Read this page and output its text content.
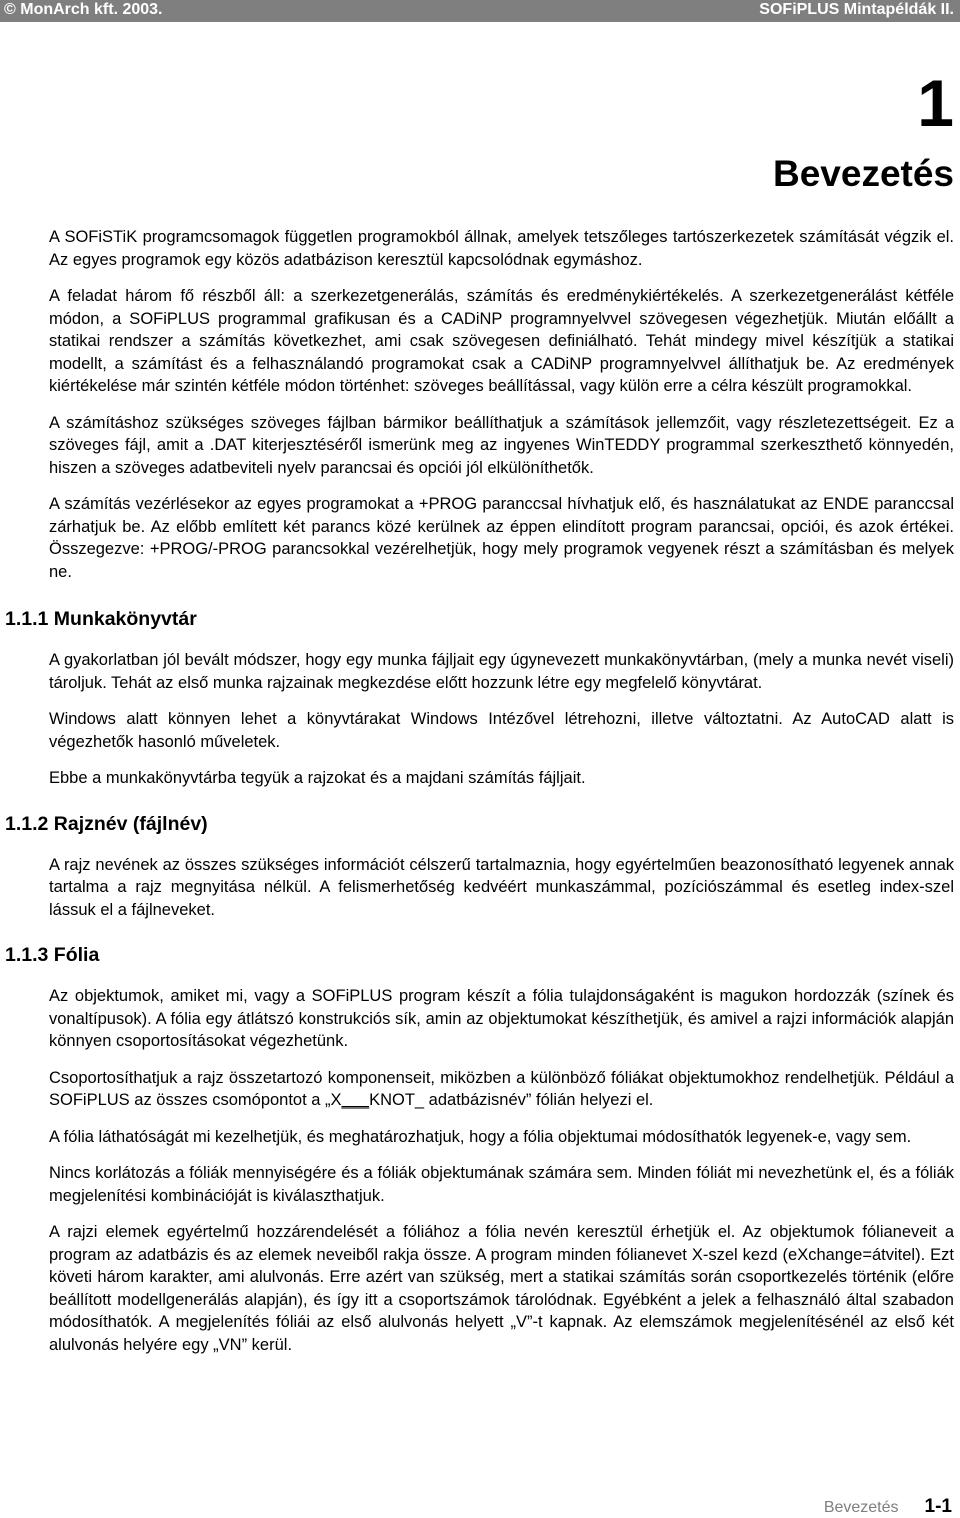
© MonArch kft. 2003.	SOFiPLUS Mintapéldák II.
1
Bevezetés

A SOFiSTiK programcsomagok független programokból állnak, amelyek tetszőleges tartószerkezetek számítását végzik el. Az egyes programok egy közös adatbázison keresztül kapcsolódnak egymáshoz.

A feladat három fő részből áll: a szerkezetgenerálás, számítás és eredménykiértékelés. A szerkezetgenerálást kétféle módon, a SOFiPLUS programmal grafikusan és a CADiNP programnyelvvel szövegesen végezhetjük. Miután előállt a statikai rendszer a számítás következhet, ami csak szövegesen definiálható. Tehát mindegy mivel készítjük a statikai modellt, a számítást és a felhasználandó programokat csak a CADiNP programnyelvvel állíthatjuk be. Az eredmények kiértékelése már szintén kétféle módon történhet: szöveges beállítással, vagy külön erre a célra készült programokkal.

A számításhoz szükséges szöveges fájlban bármikor beállíthatjuk a számítások jellemzőit, vagy részletezettségeit. Ez a szöveges fájl, amit a .DAT kiterjesztéséről ismerünk meg az ingyenes WinTEDDY programmal szerkeszthető könnyedén, hiszen a szöveges adatbeviteli nyelv parancsai és opciói jól elkülöníthetők.

A számítás vezérlésekor az egyes programokat a +PROG paranccsal hívhatjuk elő, és használatukat az ENDE paranccsal zárhatjuk be. Az előbb említett két parancs közé kerülnek az éppen elindított program parancsai, opciói, és azok értékei. Összegezve: +PROG/-PROG parancsokkal vezérelhetjük, hogy mely programok vegyenek részt a számításban és melyek ne.

1.1.1 Munkakönyvtár

A gyakorlatban jól bevált módszer, hogy egy munka fájljait egy úgynevezett munkakönyvtárban, (mely a munka nevét viseli) tároljuk. Tehát az első munka rajzainak megkezdése előtt hozzunk létre egy megfelelő könyvtárat.

Windows alatt könnyen lehet a könyvtárakat Windows Intézővel létrehozni, illetve változtatni. Az AutoCAD alatt is végezhetők hasonló műveletek.

Ebbe a munkakönyvtárba tegyük a rajzokat és a majdani számítás fájljait.

1.1.2 Rajznév (fájlnév)

A rajz nevének az összes szükséges információt célszerű tartalmaznia, hogy egyértelműen beazonosítható legyenek annak tartalma a rajz megnyitása nélkül. A felismerhetőség kedvéért munkaszámmal, pozíciószámmal és esetleg index-szel lássuk el a fájlneveket.

1.1.3 Fólia

Az objektumok, amiket mi, vagy a SOFiPLUS program készít a fólia tulajdonságaként is magukon hordozzák (színek és vonaltípusok). A fólia egy átlátszó konstrukciós sík, amin az objektumokat készíthetjük, és amivel a rajzi információk alapján könnyen csoportosításokat végezhetünk.

Csoportosíthatjuk a rajz összetartozó komponenseit, miközben a különböző fóliákat objektumokhoz rendelhetjük. Például a SOFiPLUS az összes csomópontot a „X___KNOT_ adatbázisnév” fólián helyezi el.

A fólia láthatóságát mi kezelhetjük, és meghatározhatjuk, hogy a fólia objektumai módosíthatók legyenek-e, vagy sem.

Nincs korlátozás a fóliák mennyiségére és a fóliák objektumának számára sem. Minden fóliát mi nevezhetünk el, és a fóliák megjelenítési kombinációját is kiválaszthatjuk.

A rajzi elemek egyértelmű hozzárendelését a fóliához a fólia nevén keresztül érhetjük el. Az objektumok fólianeveit a program az adatbázis és az elemek neveiből rakja össze. A program minden fólianevet X-szel kezd (eXchange=átvitel). Ezt követi három karakter, ami alulvonás. Erre azért van szükség, mert a statikai számítás során csoportkezelés történik (előre beállított modellgenerálás alapján), és így itt a csoportszámok tárolódnak. Egyébként a jelek a felhasználó által szabadon módosíthatók. A megjelenítés fóliái az első alulvonás helyett „V”-t kapnak. Az elemszámok megjelenítésénél az első két alulvonás helyére egy „VN” kerül.

Bevezetés 1-1
